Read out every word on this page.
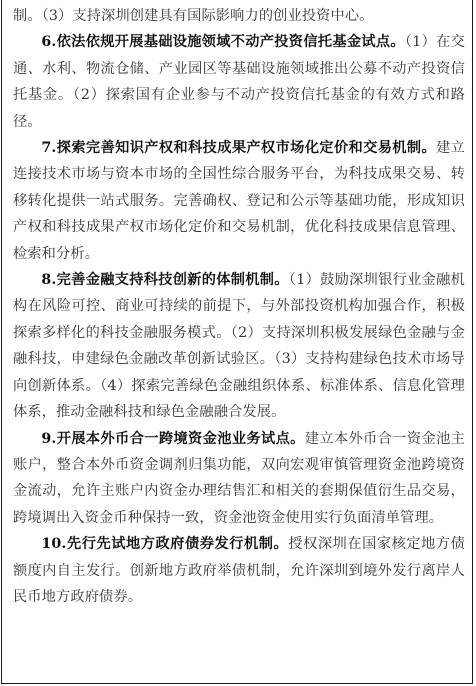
制。（3）支持深圳创建具有国际影响力的创业投资中心。

6.依法依规开展基础设施领域不动产投资信托基金试点。（1）在交通、水利、物流仓储、产业园区等基础设施领域推出公募不动产投资信托基金。（2）探索国有企业参与不动产投资信托基金的有效方式和路径。

7.探索完善知识产权和科技成果产权市场化定价和交易机制。建立连接技术市场与资本市场的全国性综合服务平台，为科技成果交易、转移转化提供一站式服务。完善确权、登记和公示等基础功能，形成知识产权和科技成果产权市场化定价和交易机制，优化科技成果信息管理、检索和分析。

8.完善金融支持科技创新的体制机制。（1）鼓励深圳银行业金融机构在风险可控、商业可持续的前提下，与外部投资机构加强合作，积极探索多样化的科技金融服务模式。（2）支持深圳积极发展绿色金融与金融科技，申建绿色金融改革创新试验区。（3）支持构建绿色技术市场导向创新体系。（4）探索完善绿色金融组织体系、标准体系、信息化管理体系，推动金融科技和绿色金融融合发展。

9.开展本外币合一跨境资金池业务试点。建立本外币合一资金池主账户，整合本外币资金调剂归集功能，双向宏观审慎管理资金池跨境资金流动，允许主账户内资金办理结售汇和相关的套期保值衍生品交易，跨境调出入资金币种保持一致，资金池资金使用实行负面清单管理。

10.先行先试地方政府债券发行机制。授权深圳在国家核定地方债额度内自主发行。创新地方政府举债机制，允许深圳到境外发行离岸人民币地方政府债券。
